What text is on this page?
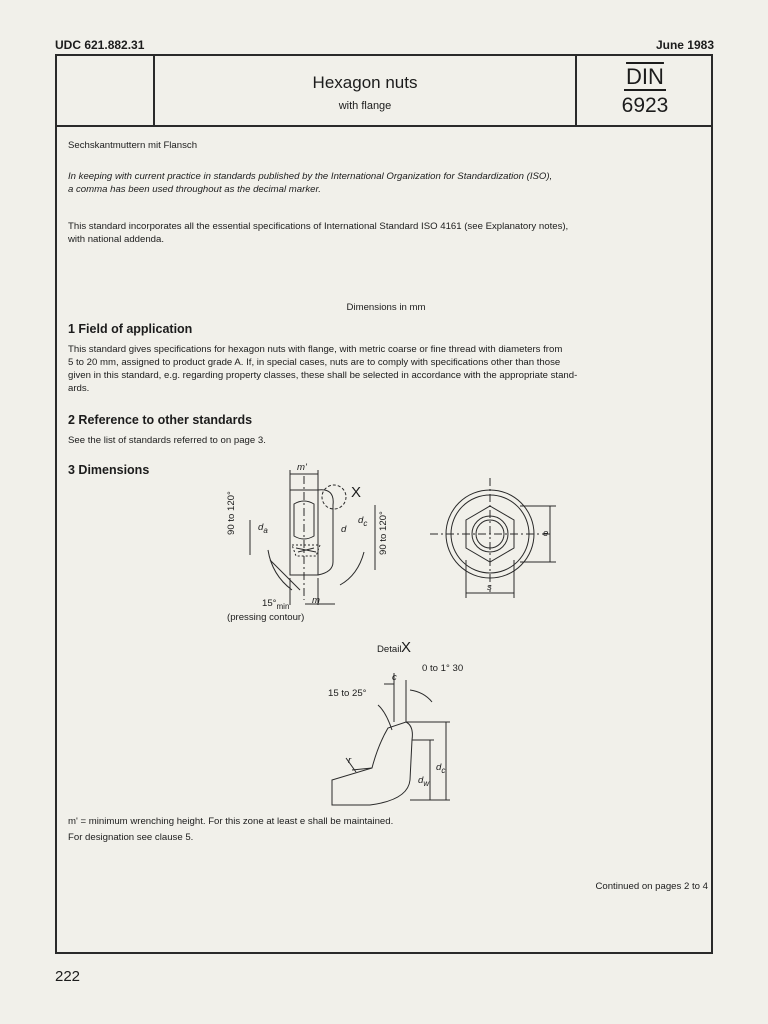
UDC 621.882.31	June 1983
Hexagon nuts
with flange
$\overline{DIN}$
6923
Sechskantmuttern mit Flansch
In keeping with current practice in standards published by the International Organization for Standardization (ISO),
a comma has been used throughout as the decimal marker.
This standard incorporates all the essential specifications of International Standard ISO 4161 (see Explanatory notes),
with national addenda.
Dimensions in mm
1 Field of application
This standard gives specifications for hexagon nuts with flange, with metric coarse or fine thread with diameters from
5 to 20 mm, assigned to product grade A. If, in special cases, nuts are to comply with specifications other than those
given in this standard, e.g. regarding property classes, these shall be selected in accordance with the appropriate stand-
ards.
2 Reference to other standards
See the list of standards referred to on page 3.
3 Dimensions	m'
X
90 to 120°	90 to 120°
$d_a$	d
$d_c$
$15^\circ_{min}$
m
(pressing contour)
e
s
Detail X
0 to 1° 30
c
15 to 25°
r
$d_w$
$d_c$
m' = minimum wrenching height. For this zone at least e shall be maintained.
For designation see clause 5.
Continued on pages 2 to 4
222
